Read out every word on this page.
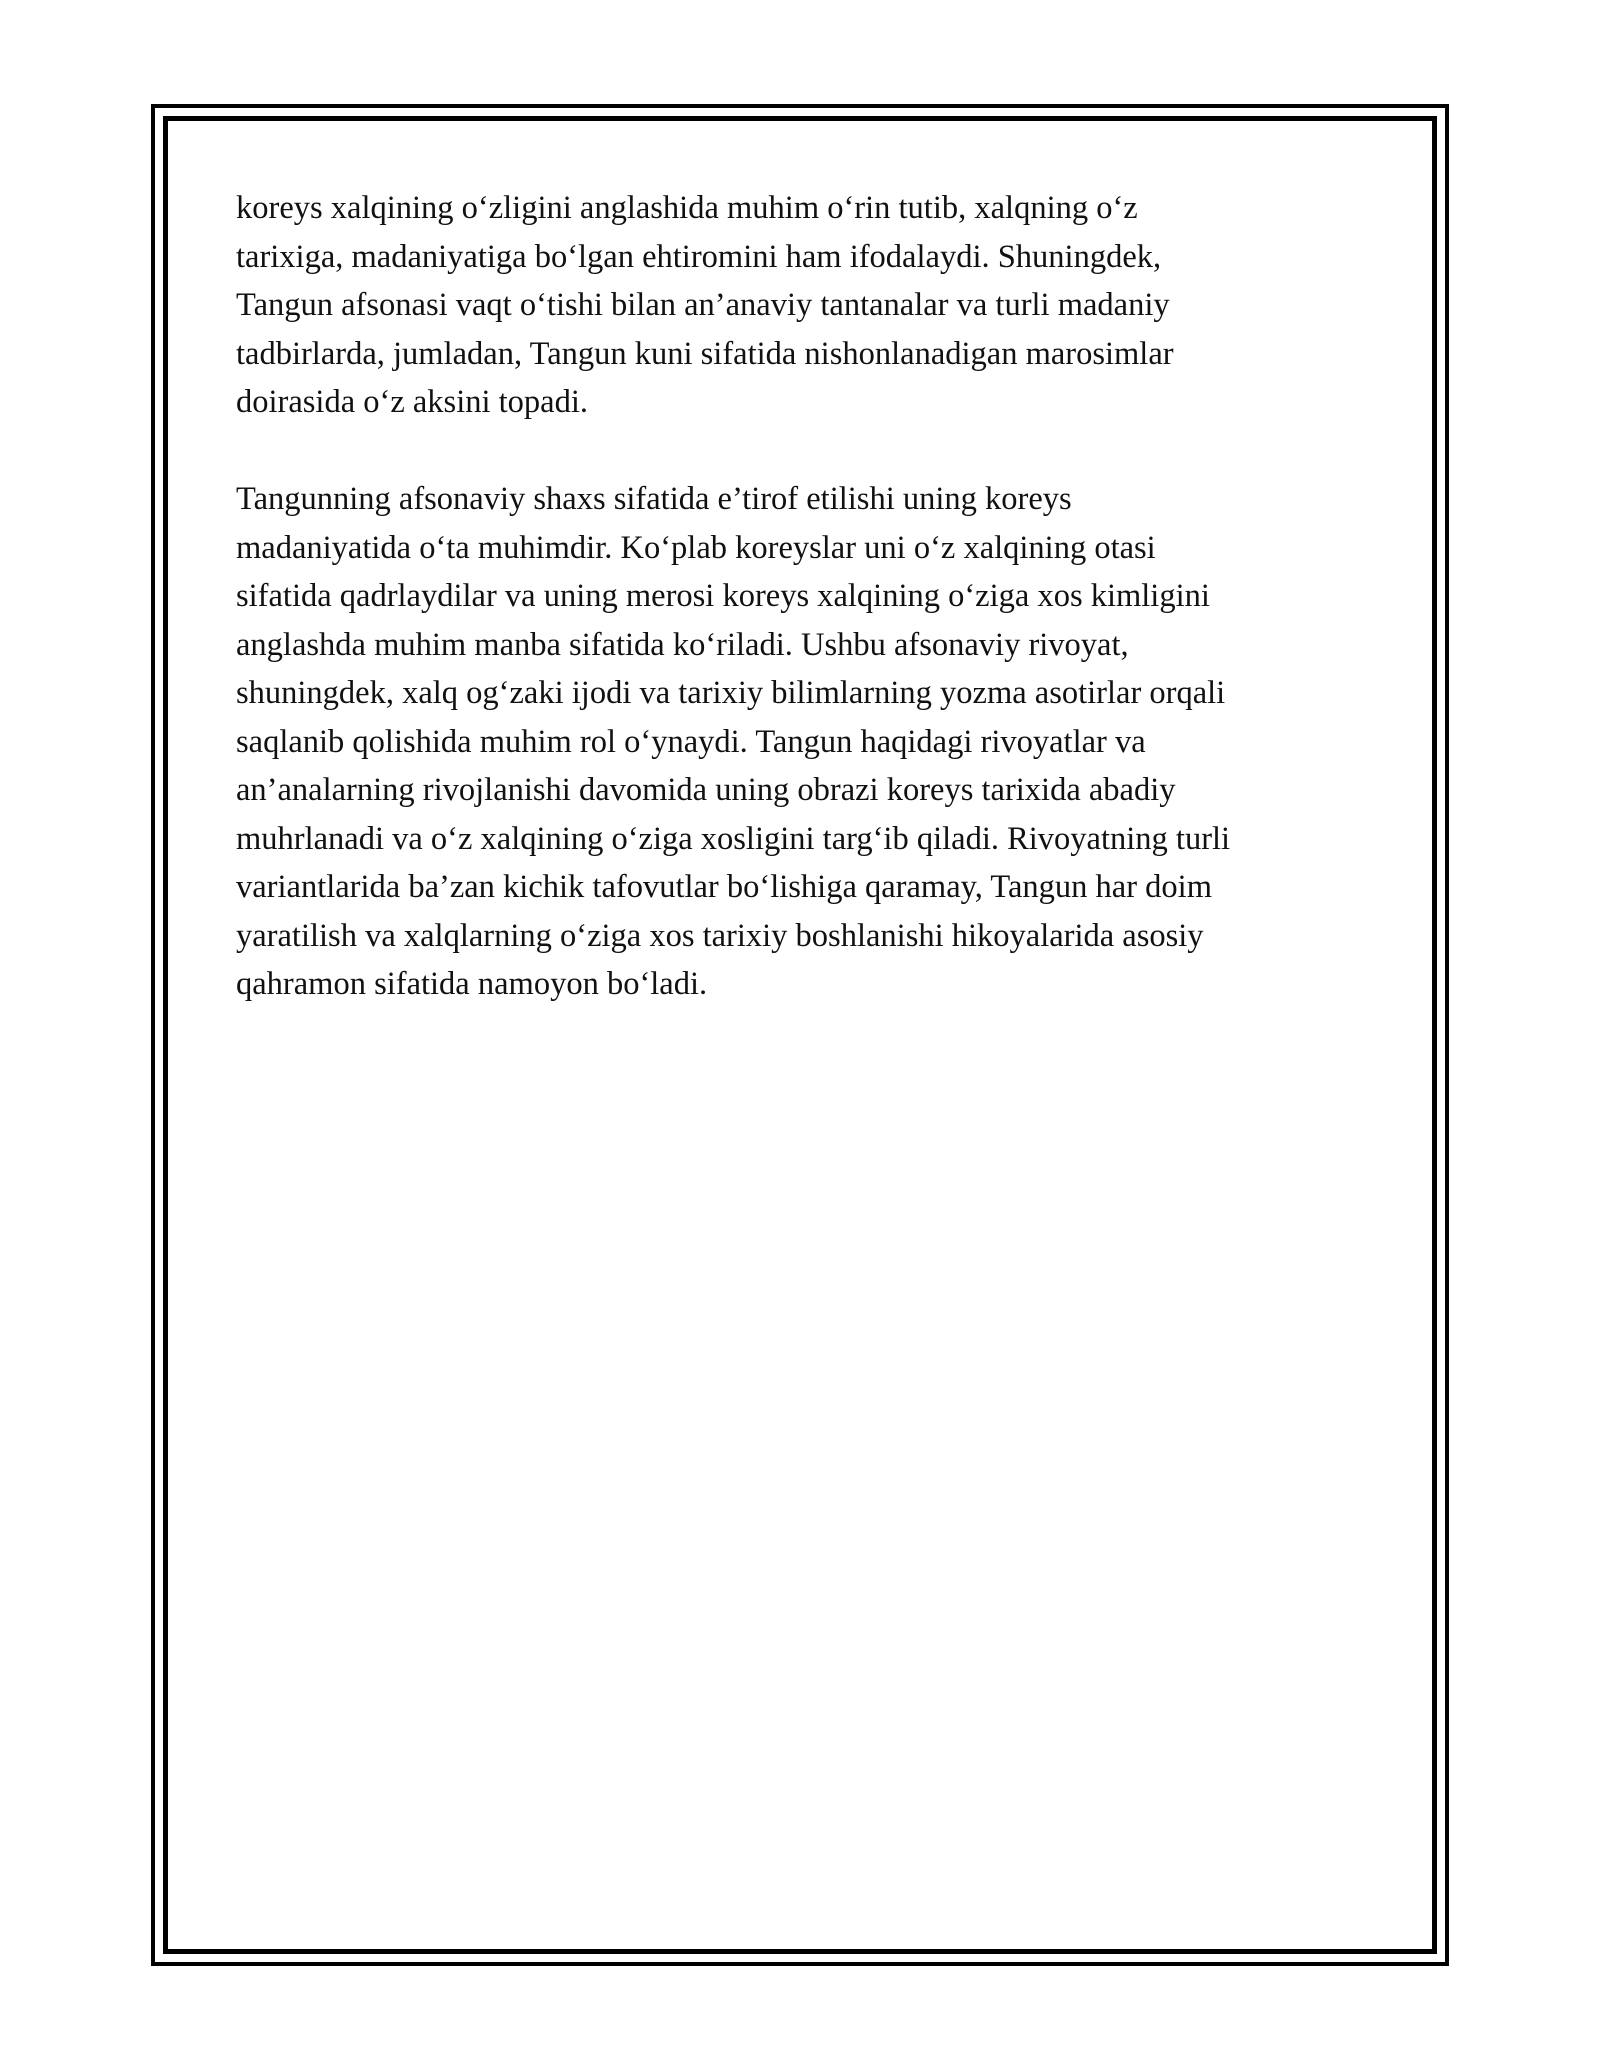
koreys xalqining o‘zligini anglashida muhim o‘rin tutib, xalqning o‘z
tarixiga, madaniyatiga bo‘lgan ehtiromini ham ifodalaydi. Shuningdek,
Tangun afsonasi vaqt o‘tishi bilan an’anaviy tantanalar va turli madaniy
tadbirlarda, jumladan, Tangun kuni sifatida nishonlanadigan marosimlar
doirasida o‘z aksini topadi.

Tangunning afsonaviy shaxs sifatida e’tirof etilishi uning koreys
madaniyatida o‘ta muhimdir. Ko‘plab koreyslar uni o‘z xalqining otasi
sifatida qadrlaydilar va uning merosi koreys xalqining o‘ziga xos kimligini
anglashda muhim manba sifatida ko‘riladi. Ushbu afsonaviy rivoyat,
shuningdek, xalq og‘zaki ijodi va tarixiy bilimlarning yozma asotirlar orqali
saqlanib qolishida muhim rol o‘ynaydi. Tangun haqidagi rivoyatlar va
an’analarning rivojlanishi davomida uning obrazi koreys tarixida abadiy
muhrlanadi va o‘z xalqining o‘ziga xosligini targ‘ib qiladi. Rivoyatning turli
variantlarida ba’zan kichik tafovutlar bo‘lishiga qaramay, Tangun har doim
yaratilish va xalqlarning o‘ziga xos tarixiy boshlanishi hikoyalarida asosiy
qahramon sifatida namoyon bo‘ladi.
